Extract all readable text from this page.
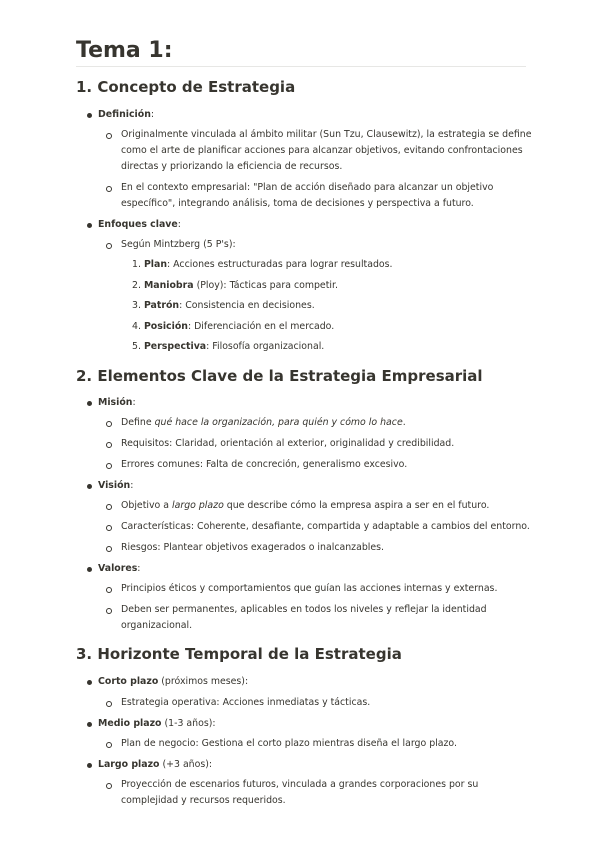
Tema 1:
1. Concepto de Estrategia
Definición:
Originalmente vinculada al ámbito militar (Sun Tzu, Clausewitz), la estrategia se define
como el arte de planificar acciones para alcanzar objetivos, evitando confrontaciones
directas y priorizando la eficiencia de recursos.
En el contexto empresarial: "Plan de acción diseñado para alcanzar un objetivo
específico", integrando análisis, toma de decisiones y perspectiva a futuro.
Enfoques clave:
Según Mintzberg (5 P's):
1. Plan: Acciones estructuradas para lograr resultados.
2. Maniobra (Ploy): Tácticas para competir.
3. Patrón: Consistencia en decisiones.
4. Posición: Diferenciación en el mercado.
5. Perspectiva: Filosofía organizacional.
2. Elementos Clave de la Estrategia Empresarial
Misión:
Define qué hace la organización, para quién y cómo lo hace.
Requisitos: Claridad, orientación al exterior, originalidad y credibilidad.
Errores comunes: Falta de concreción, generalismo excesivo.
Visión:
Objetivo a largo plazo que describe cómo la empresa aspira a ser en el futuro.
Características: Coherente, desafiante, compartida y adaptable a cambios del entorno.
Riesgos: Plantear objetivos exagerados o inalcanzables.
Valores:
Principios éticos y comportamientos que guían las acciones internas y externas.
Deben ser permanentes, aplicables en todos los niveles y reflejar la identidad
organizacional.
3. Horizonte Temporal de la Estrategia
Corto plazo (próximos meses):
Estrategia operativa: Acciones inmediatas y tácticas.
Medio plazo (1-3 años):
Plan de negocio: Gestiona el corto plazo mientras diseña el largo plazo.
Largo plazo (+3 años):
Proyección de escenarios futuros, vinculada a grandes corporaciones por su
complejidad y recursos requeridos.
